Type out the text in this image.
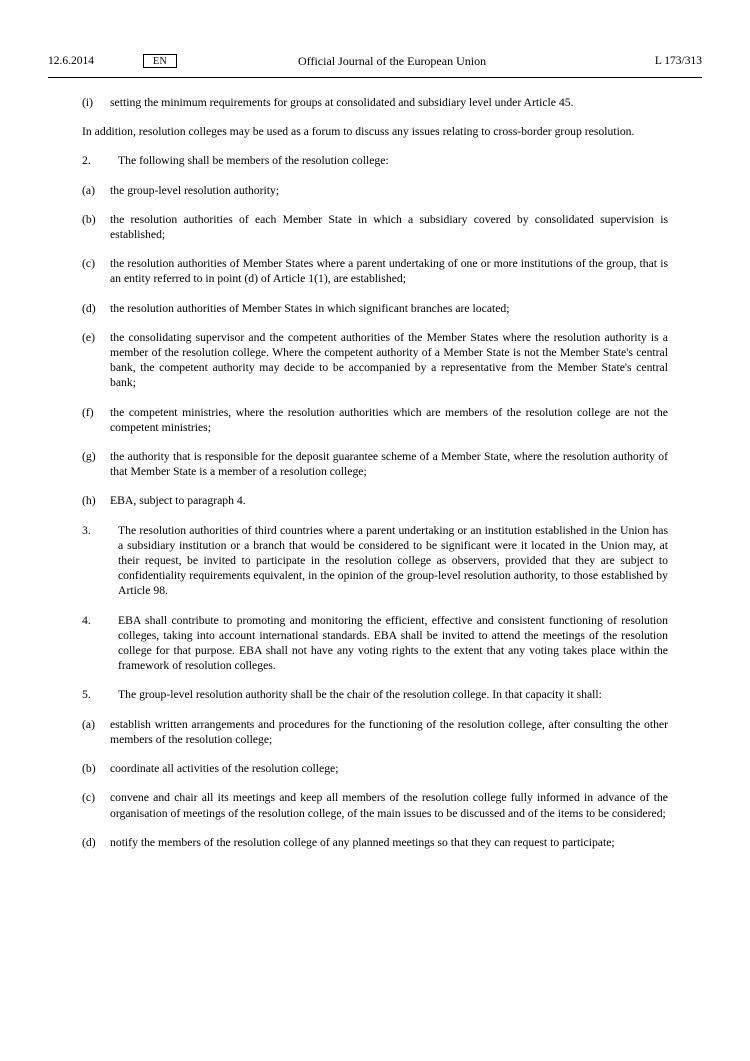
12.6.2014	EN	Official Journal of the European Union	L 173/313
(i)	setting the minimum requirements for groups at consolidated and subsidiary level under Article 45.
In addition, resolution colleges may be used as a forum to discuss any issues relating to cross-border group resolution.
2.	The following shall be members of the resolution college:
(a)	the group-level resolution authority;
(b)	the resolution authorities of each Member State in which a subsidiary covered by consolidated supervision is established;
(c)	the resolution authorities of Member States where a parent undertaking of one or more institutions of the group, that is an entity referred to in point (d) of Article 1(1), are established;
(d)	the resolution authorities of Member States in which significant branches are located;
(e)	the consolidating supervisor and the competent authorities of the Member States where the resolution authority is a member of the resolution college. Where the competent authority of a Member State is not the Member State's central bank, the competent authority may decide to be accompanied by a representative from the Member State's central bank;
(f)	the competent ministries, where the resolution authorities which are members of the resolution college are not the competent ministries;
(g)	the authority that is responsible for the deposit guarantee scheme of a Member State, where the resolution authority of that Member State is a member of a resolution college;
(h)	EBA, subject to paragraph 4.
3.	The resolution authorities of third countries where a parent undertaking or an institution established in the Union has a subsidiary institution or a branch that would be considered to be significant were it located in the Union may, at their request, be invited to participate in the resolution college as observers, provided that they are subject to confidentiality requirements equivalent, in the opinion of the group-level resolution authority, to those established by Article 98.
4.	EBA shall contribute to promoting and monitoring the efficient, effective and consistent functioning of resolution colleges, taking into account international standards. EBA shall be invited to attend the meetings of the resolution college for that purpose. EBA shall not have any voting rights to the extent that any voting takes place within the framework of resolution colleges.
5.	The group-level resolution authority shall be the chair of the resolution college. In that capacity it shall:
(a)	establish written arrangements and procedures for the functioning of the resolution college, after consulting the other members of the resolution college;
(b)	coordinate all activities of the resolution college;
(c)	convene and chair all its meetings and keep all members of the resolution college fully informed in advance of the organisation of meetings of the resolution college, of the main issues to be discussed and of the items to be considered;
(d)	notify the members of the resolution college of any planned meetings so that they can request to participate;
